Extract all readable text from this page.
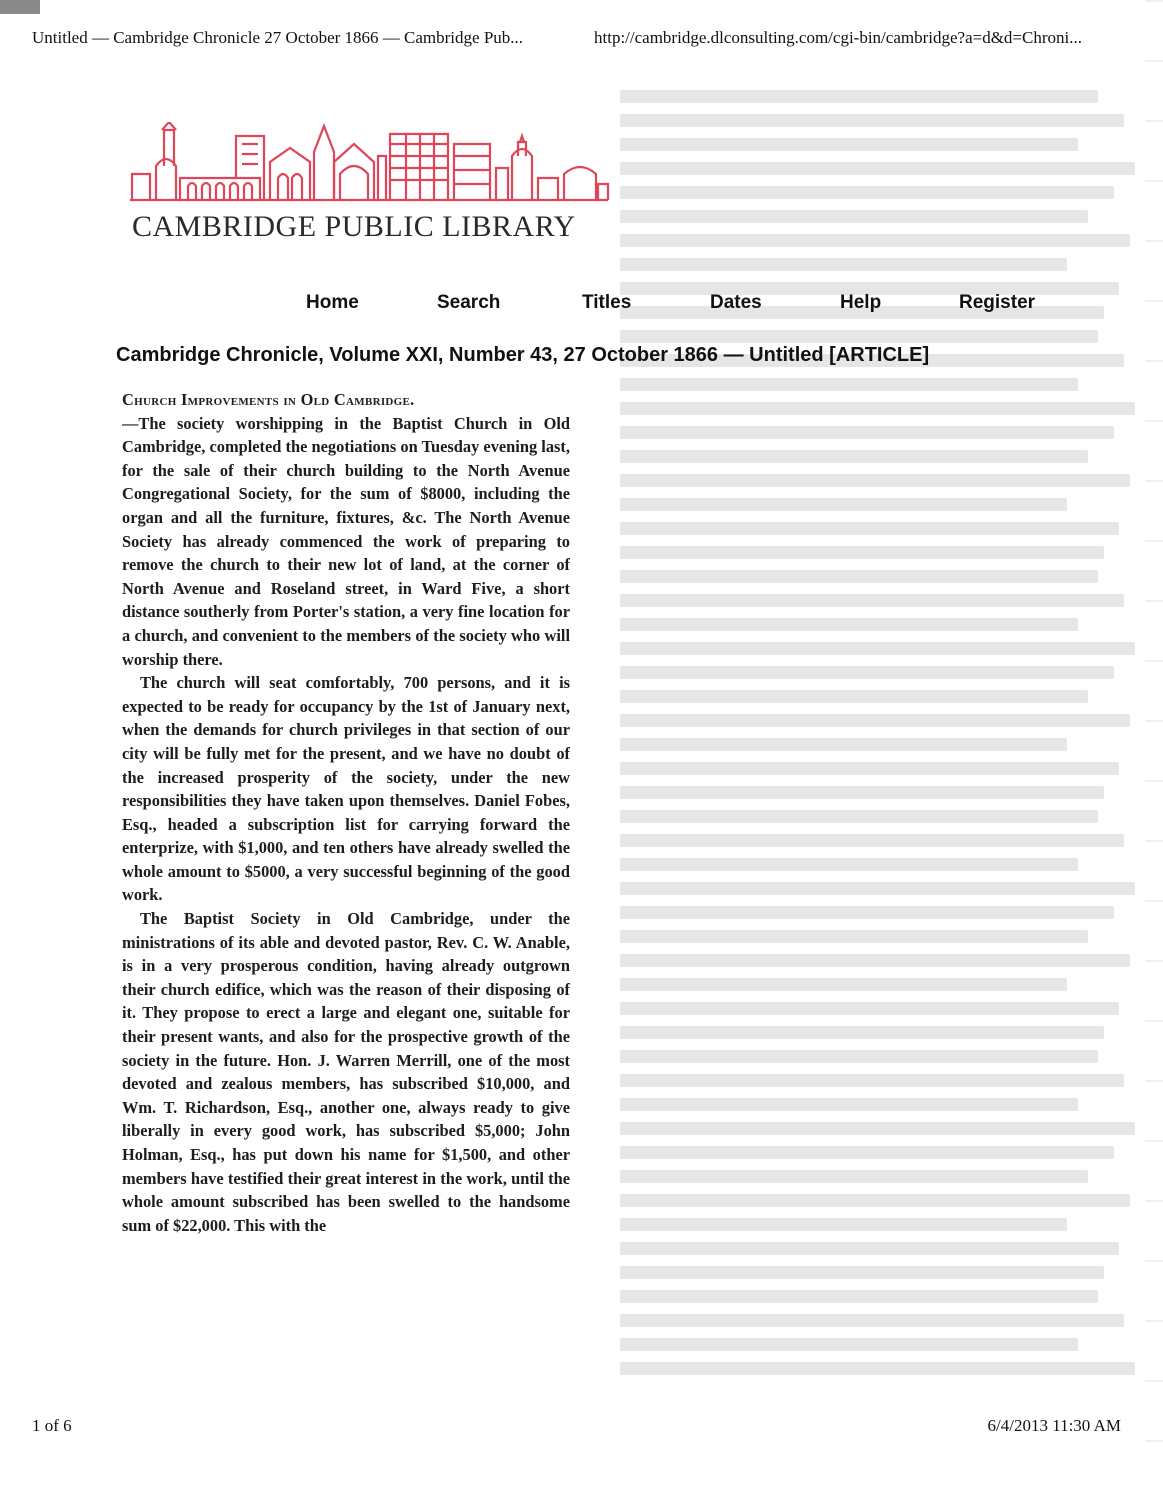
Untitled — Cambridge Chronicle 27 October 1866 — Cambridge Pub...	http://cambridge.dlconsulting.com/cgi-bin/cambridge?a=d&d=Chroni...
CAMBRIDGE PUBLIC LIBRARY
Home	Search	Titles	Dates	Help	Register
Cambridge Chronicle, Volume XXI, Number 43, 27 October 1866 — Untitled [ARTICLE]

Church Improvements in Old Cambridge.
—The society worshipping in the Baptist Church in Old Cambridge, completed the negotiations on Tuesday evening last, for the sale of their church building to the North Avenue Congregational Society, for the sum of $8000, including the organ and all the furniture, fixtures, &c. The North Avenue Society has already commenced the work of preparing to remove the church to their new lot of land, at the corner of North Avenue and Roseland street, in Ward Five, a short distance southerly from Porter's station, a very fine location for a church, and convenient to the members of the society who will worship there.

The church will seat comfortably, 700 persons, and it is expected to be ready for occupancy by the 1st of January next, when the demands for church privileges in that section of our city will be fully met for the present, and we have no doubt of the increased prosperity of the society, under the new responsibilities they have taken upon themselves. Daniel Fobes, Esq., headed a subscription list for carrying forward the enterprize, with $1,000, and ten others have already swelled the whole amount to $5000, a very successful beginning of the good work.

The Baptist Society in Old Cambridge, under the ministrations of its able and devoted pastor, Rev. C. W. Anable, is in a very prosperous condition, having already outgrown their church edifice, which was the reason of their disposing of it. They propose to erect a large and elegant one, suitable for their present wants, and also for the prospective growth of the society in the future. Hon. J. Warren Merrill, one of the most devoted and zealous members, has subscribed $10,000, and Wm. T. Richardson, Esq., another one, always ready to give liberally in every good work, has subscribed $5,000; John Holman, Esq., has put down his name for $1,500, and other members have testified their great interest in the work, until the whole amount subscribed has been swelled to the handsome sum of $22,000. This with the

1 of 6	6/4/2013 11:30 AM
